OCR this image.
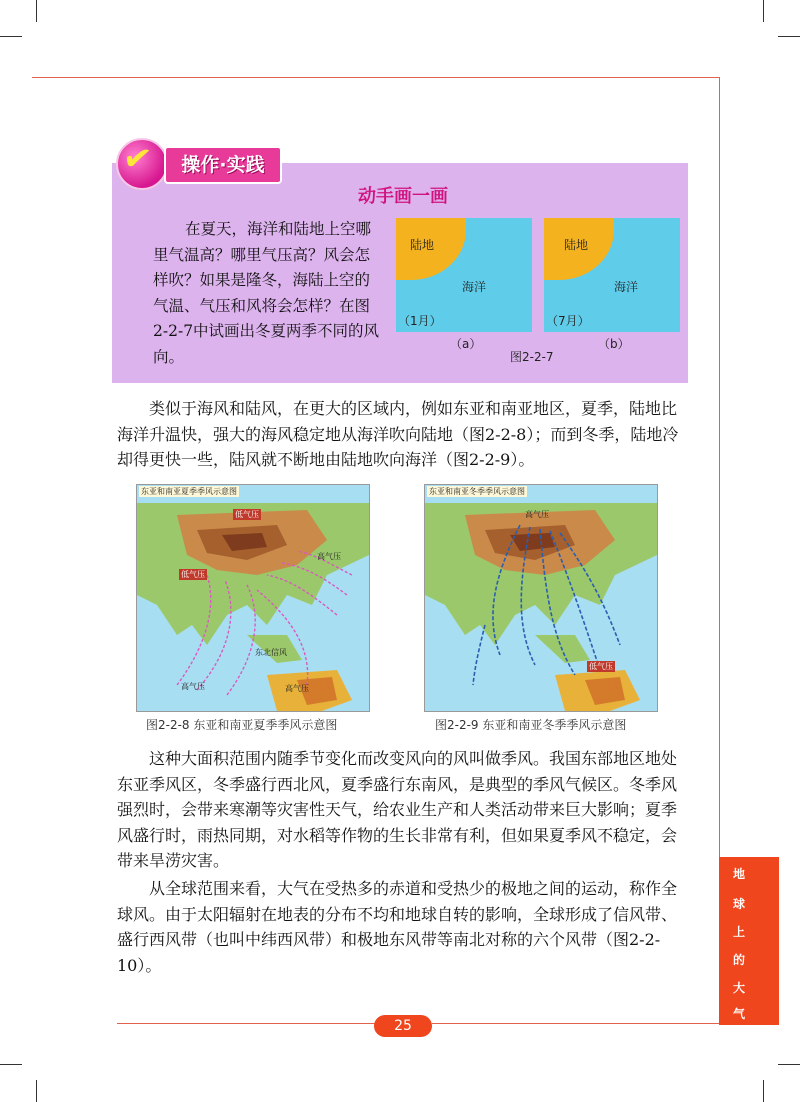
✔	操作·实践
动手画一画
在夏天，海洋和陆地上空哪里气温高？哪里气压高？风会怎样吹？如果是隆冬，海陆上空的气温、气压和风将会怎样？在图2-2-7中试画出冬夏两季不同的风向。
陆地
海洋
（1月）
（a）
陆地
海洋
（7月）
（b）
图2-2-7

类似于海风和陆风，在更大的区域内，例如东亚和南亚地区，夏季，陆地比海洋升温快，强大的海风稳定地从海洋吹向陆地（图2-2-8）；而到冬季，陆地冷却得更快一些，陆风就不断地由陆地吹向海洋（图2-2-9）。

东亚和南亚夏季季风示意图
低气压
低气压
高气压
高气压	高气压
东北信风
东亚和南亚冬季季风示意图
高气压
低气压
图2-2-8 东亚和南亚夏季季风示意图	图2-2-9 东亚和南亚冬季季风示意图

这种大面积范围内随季节变化而改变风向的风叫做季风。我国东部地区地处东亚季风区，冬季盛行西北风，夏季盛行东南风，是典型的季风气候区。冬季风强烈时，会带来寒潮等灾害性天气，给农业生产和人类活动带来巨大影响；夏季风盛行时，雨热同期，对水稻等作物的生长非常有利，但如果夏季风不稳定，会带来旱涝灾害。

从全球范围来看，大气在受热多的赤道和受热少的极地之间的运动，称作全球风。由于太阳辐射在地表的分布不均和地球自转的影响，全球形成了信风带、盛行西风带（也叫中纬西风带）和极地东风带等南北对称的六个风带（图2-2-10）。

地
球
上
的
大
气
25
